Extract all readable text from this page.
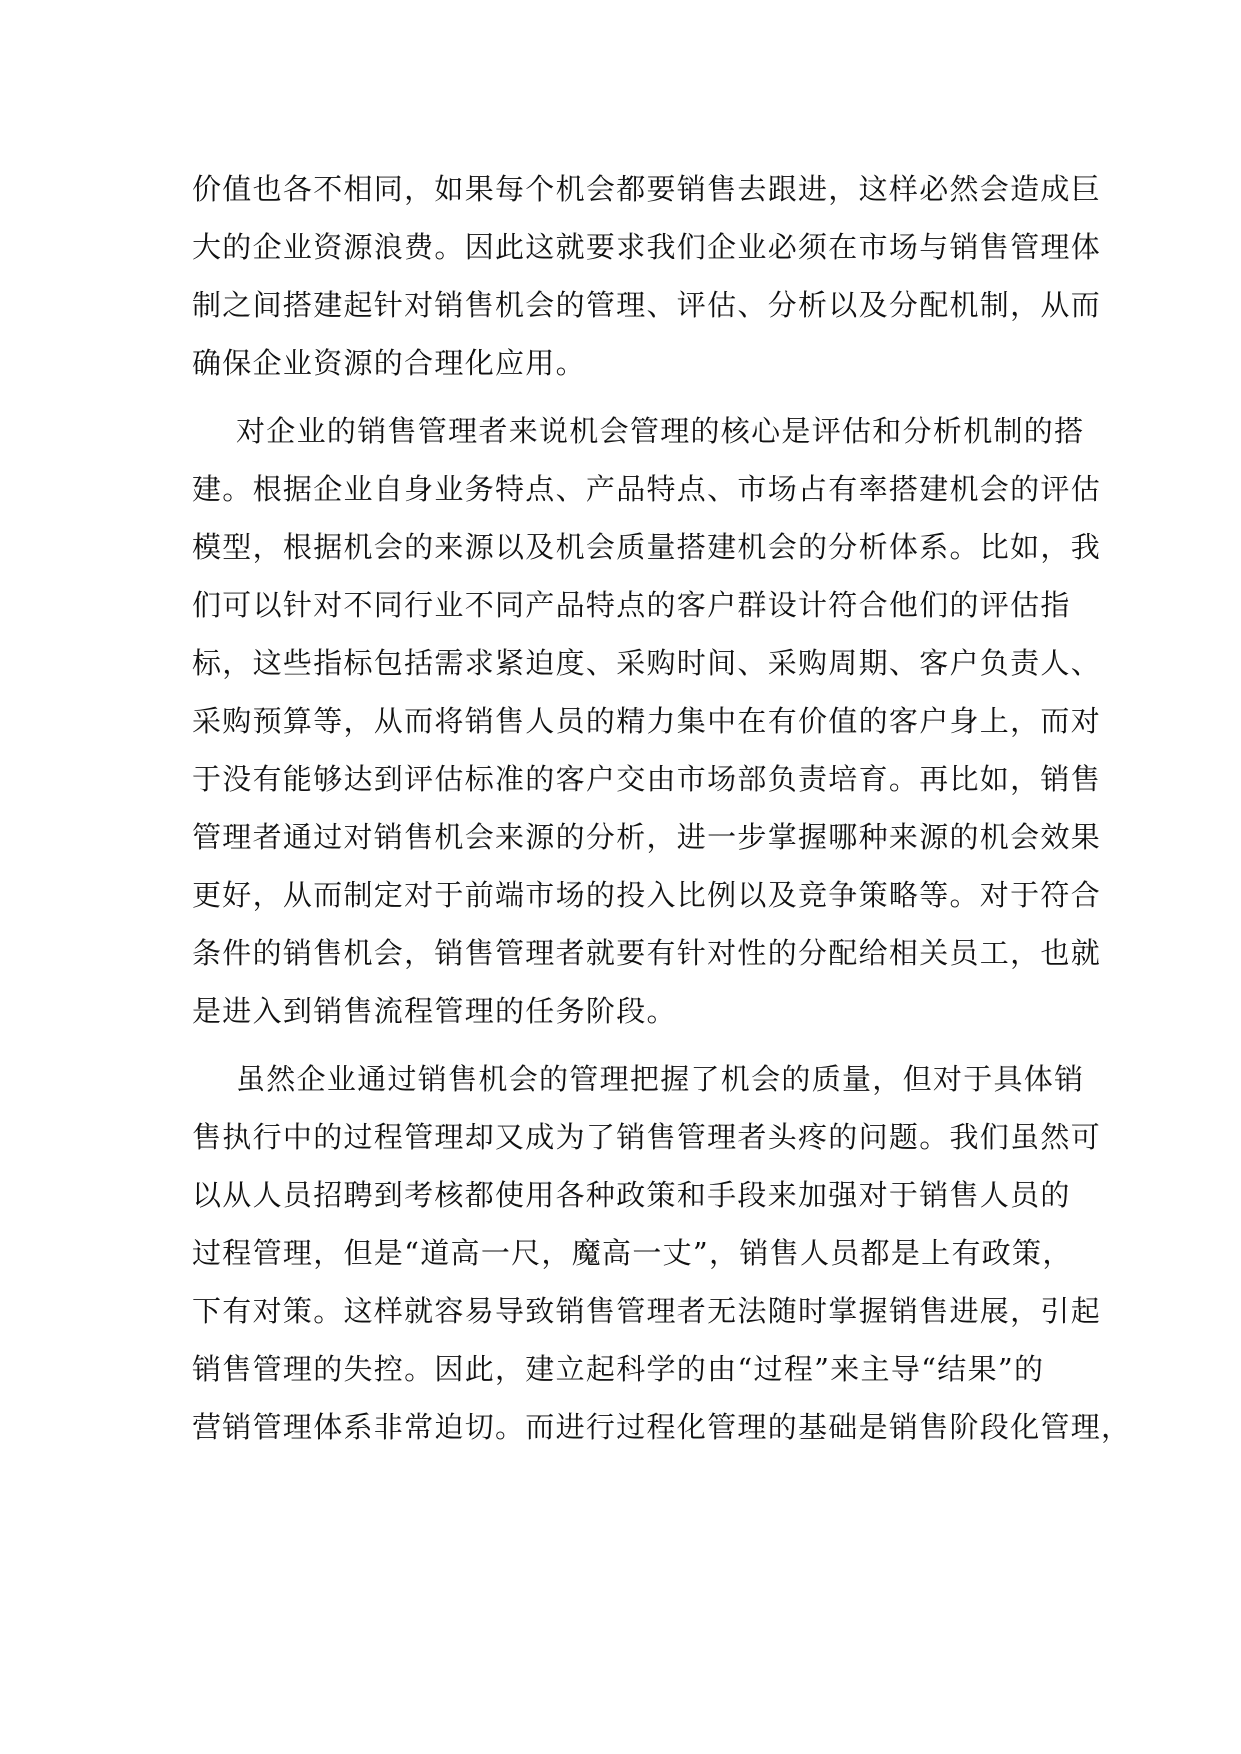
价值也各不相同，如果每个机会都要销售去跟进，这样必然会造成巨
大的企业资源浪费。因此这就要求我们企业必须在市场与销售管理体
制之间搭建起针对销售机会的管理、评估、分析以及分配机制，从而
确保企业资源的合理化应用。
对企业的销售管理者来说机会管理的核心是评估和分析机制的搭
建。根据企业自身业务特点、产品特点、市场占有率搭建机会的评估
模型，根据机会的来源以及机会质量搭建机会的分析体系。比如，我
们可以针对不同行业不同产品特点的客户群设计符合他们的评估指
标，这些指标包括需求紧迫度、采购时间、采购周期、客户负责人、
采购预算等，从而将销售人员的精力集中在有价值的客户身上，而对
于没有能够达到评估标准的客户交由市场部负责培育。再比如，销售
管理者通过对销售机会来源的分析，进一步掌握哪种来源的机会效果
更好，从而制定对于前端市场的投入比例以及竞争策略等。对于符合
条件的销售机会，销售管理者就要有针对性的分配给相关员工，也就
是进入到销售流程管理的任务阶段。
虽然企业通过销售机会的管理把握了机会的质量，但对于具体销
售执行中的过程管理却又成为了销售管理者头疼的问题。我们虽然可
以从人员招聘到考核都使用各种政策和手段来加强对于销售人员的
过程管理，但是“道高一尺，魔高一丈”，销售人员都是上有政策，
下有对策。这样就容易导致销售管理者无法随时掌握销售进展，引起
销售管理的失控。因此，建立起科学的由“过程”来主导“结果”的
营销管理体系非常迫切。而进行过程化管理的基础是销售阶段化管理，
